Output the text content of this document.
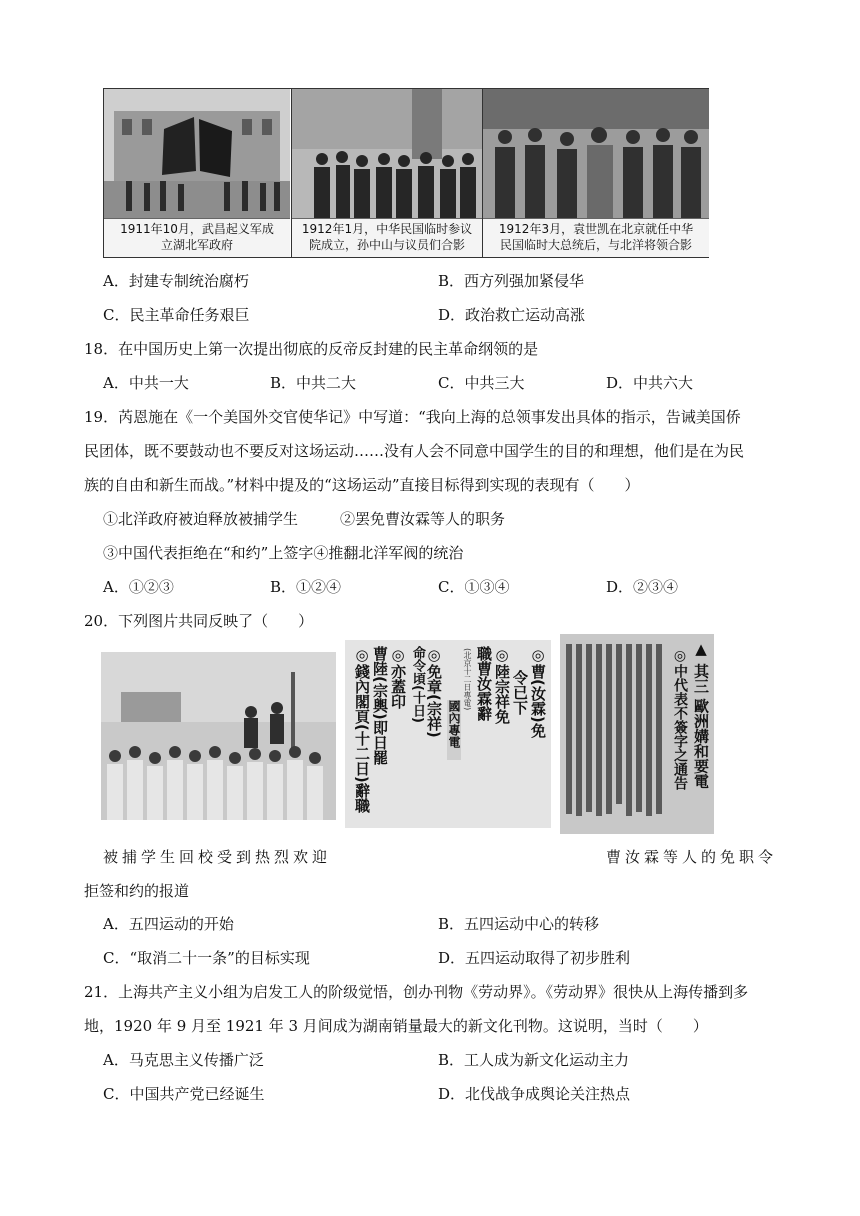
1911年10月，武昌起义军成
立湖北军政府
1912年1月，中华民国临时参议
院成立，孙中山与议员们合影
1912年3月，袁世凯在北京就任中华
民国临时大总统后，与北洋将领合影
A．封建专制统治腐朽	B．西方列强加紧侵华
C．民主革命任务艰巨	D．政治救亡运动高涨
18．在中国历史上第一次提出彻底的反帝反封建的民主革命纲领的是
A．中共一大	B．中共二大	C．中共三大	D．中共六大
19．芮恩施在《一个美国外交官使华记》中写道：“我向上海的总领事发出具体的指示，告诫美国侨
民团体，既不要鼓动也不要反对这场运动……没有人会不同意中国学生的目的和理想，他们是在为民
族的自由和新生而战。”材料中提及的“这场运动”直接目标得到实现的表现有（　　）
①北洋政府被迫释放被捕学生	②罢免曹汝霖等人的职务
③中国代表拒绝在“和约”上签字④推翻北洋军阀的统治
A．①②③	B．①②④	C．①③④	D．②③④
20．下列图片共同反映了（　　）
◎曹(汝霖)免
令已下
◎陸宗祥免
職曹汝霖辭
(北京十二日專電)
國內專電
◎免章(宗祥)
命令頃(十日)
◎亦蓋印
曹陸(宗輿)即日罷
◎錢內閣頁(十二日)辭職	▲ 其三 歐洲媾和要電
◎中代表不簽字之通告
被捕学生回校受到热烈欢迎	曹汝霖等人的免职令
拒签和约的报道
A．五四运动的开始	B．五四运动中心的转移
C．“取消二十一条”的目标实现	D．五四运动取得了初步胜利
21．上海共产主义小组为启发工人的阶级觉悟，创办刊物《劳动界》。《劳动界》很快从上海传播到多
地，1920 年 9 月至 1921 年 3 月间成为湖南销量最大的新文化刊物。这说明，当时（　　）
A．马克思主义传播广泛	B．工人成为新文化运动主力
C．中国共产党已经诞生	D．北伐战争成舆论关注热点
